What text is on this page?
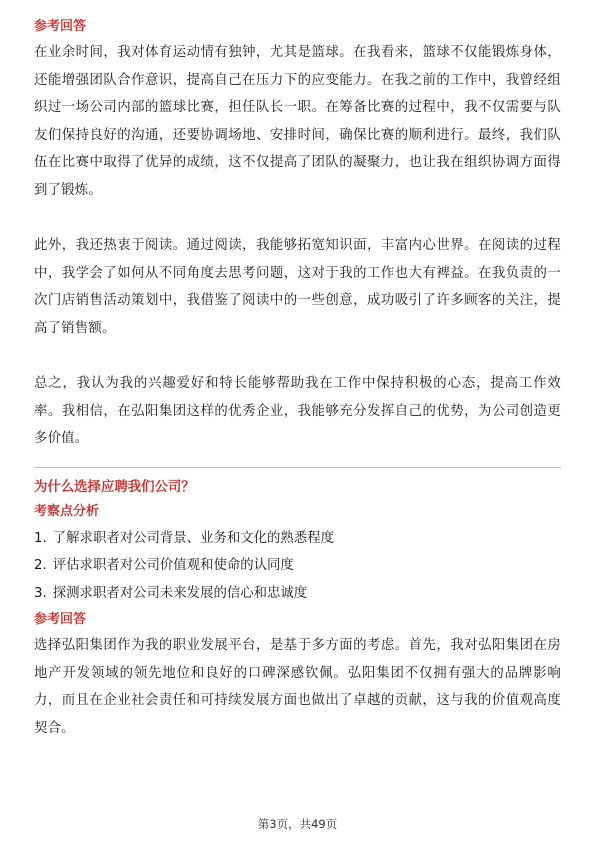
参考回答

在业余时间，我对体育运动情有独钟，尤其是篮球。在我看来，篮球不仅能锻炼身体，还能增强团队合作意识，提高自己在压力下的应变能力。在我之前的工作中，我曾经组织过一场公司内部的篮球比赛，担任队长一职。在筹备比赛的过程中，我不仅需要与队友们保持良好的沟通，还要协调场地、安排时间，确保比赛的顺利进行。最终，我们队伍在比赛中取得了优异的成绩，这不仅提高了团队的凝聚力，也让我在组织协调方面得到了锻炼。

此外，我还热衷于阅读。通过阅读，我能够拓宽知识面，丰富内心世界。在阅读的过程中，我学会了如何从不同角度去思考问题，这对于我的工作也大有裨益。在我负责的一次门店销售活动策划中，我借鉴了阅读中的一些创意，成功吸引了许多顾客的关注，提高了销售额。

总之，我认为我的兴趣爱好和特长能够帮助我在工作中保持积极的心态，提高工作效率。我相信，在弘阳集团这样的优秀企业，我能够充分发挥自己的优势，为公司创造更多价值。

为什么选择应聘我们公司？
考察点分析
1. 了解求职者对公司背景、业务和文化的熟悉程度
2. 评估求职者对公司价值观和使命的认同度
3. 探测求职者对公司未来发展的信心和忠诚度
参考回答

选择弘阳集团作为我的职业发展平台，是基于多方面的考虑。首先，我对弘阳集团在房地产开发领域的领先地位和良好的口碑深感钦佩。弘阳集团不仅拥有强大的品牌影响力，而且在企业社会责任和可持续发展方面也做出了卓越的贡献，这与我的价值观高度契合。

第3页，共49页
